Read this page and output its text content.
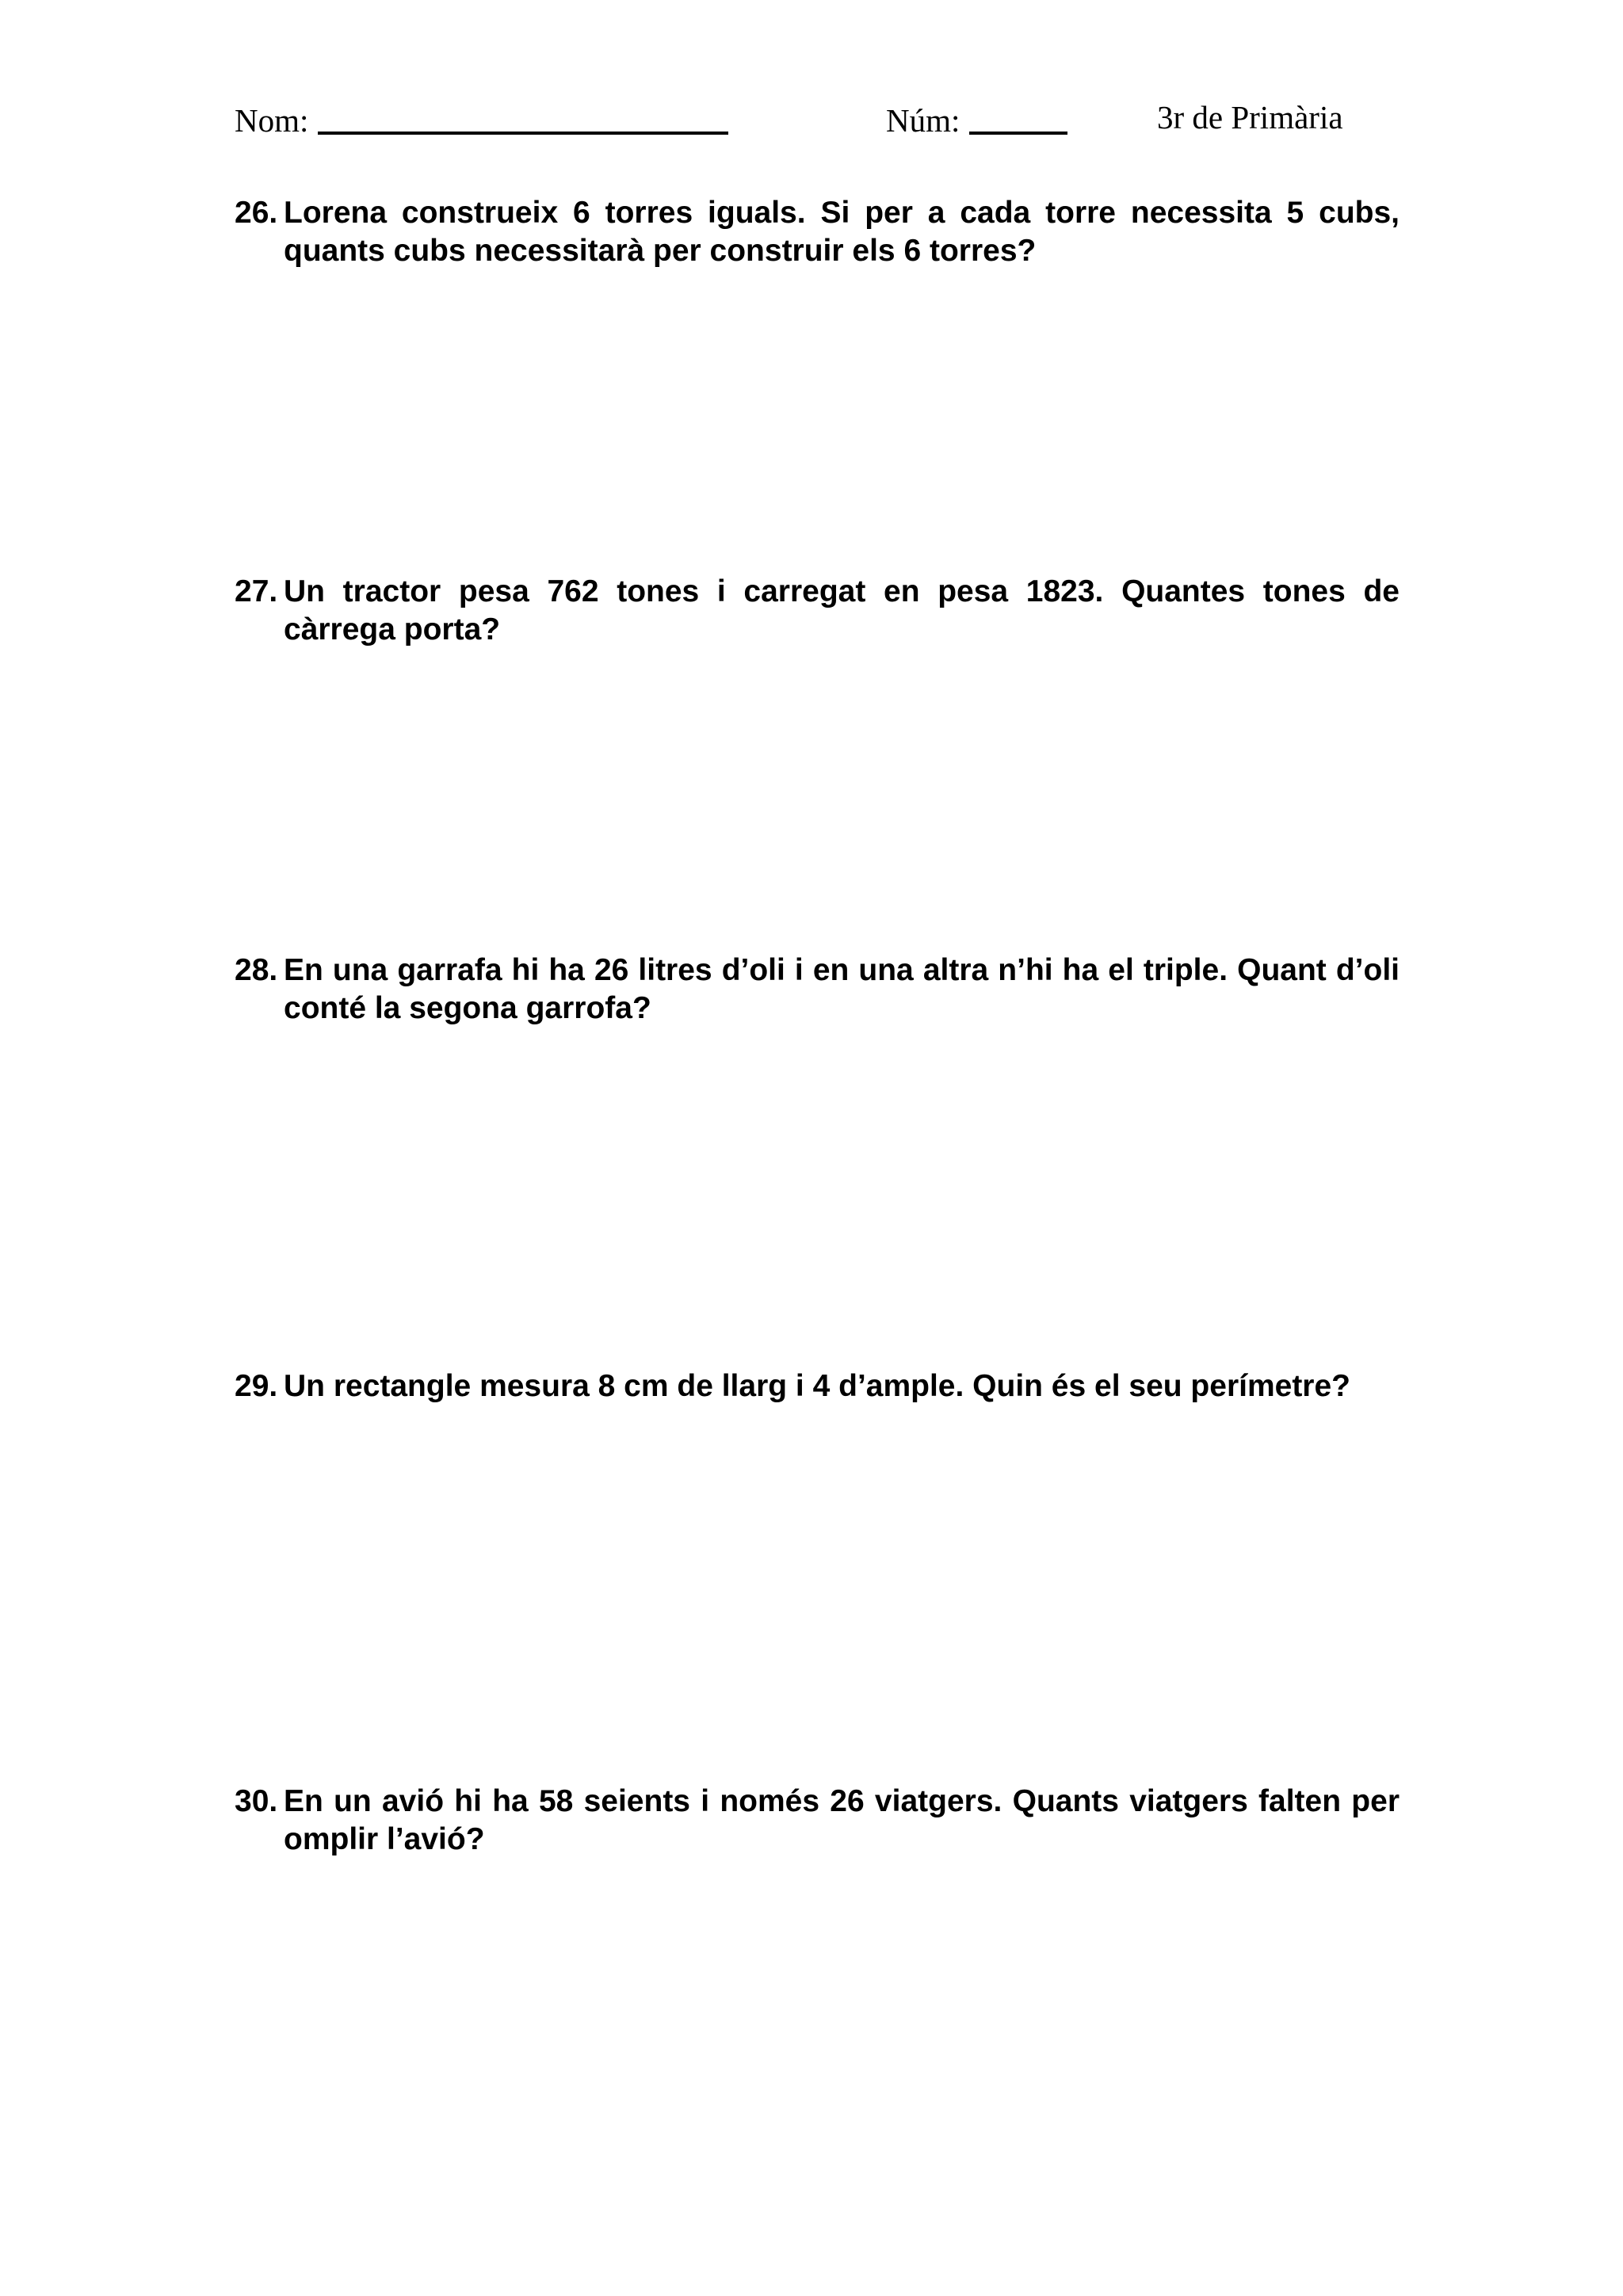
Nom:	Núm:	3r de Primària
26. Lorena construeix 6 torres iguals. Si per a cada torre necessita 5 cubs, quants cubs necessitarà per construir els 6 torres?
27. Un tractor pesa 762 tones i carregat en pesa 1823. Quantes tones de càrrega porta?
28. En una garrafa hi ha 26 litres d’oli i en una altra n’hi ha el triple. Quant d’oli conté la segona garrofa?
29. Un rectangle mesura 8 cm de llarg i 4 d’ample. Quin és el seu perímetre?
30. En un avió hi ha 58 seients i només 26 viatgers. Quants viatgers falten per omplir l’avió?
